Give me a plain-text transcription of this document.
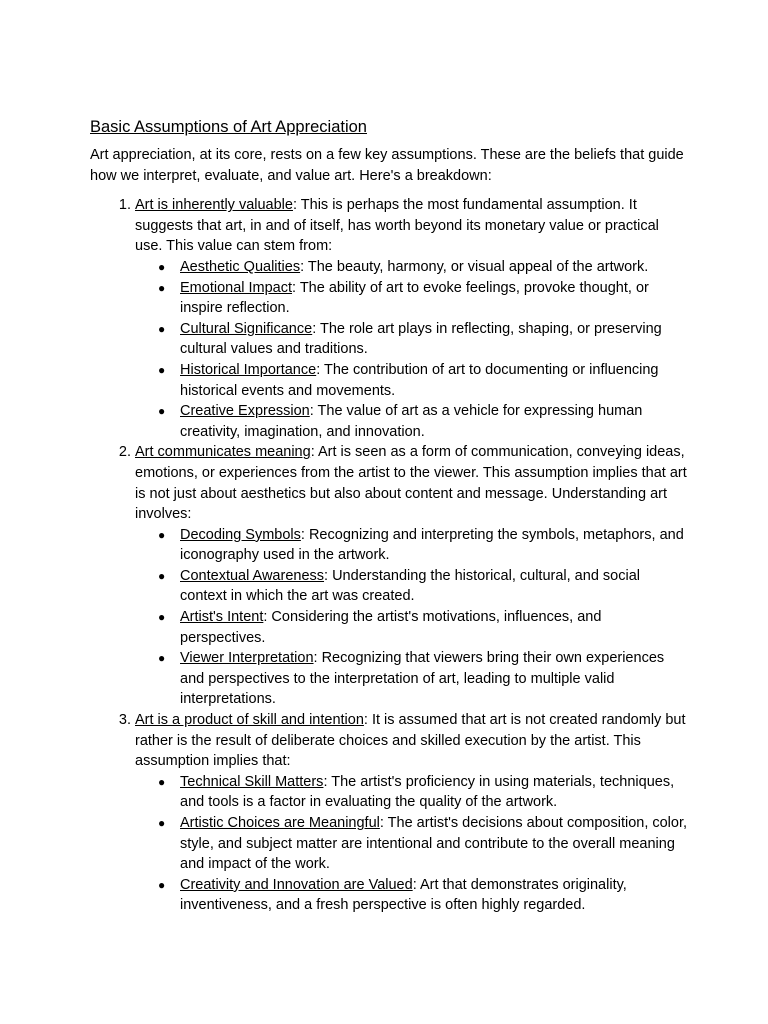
Basic Assumptions of Art Appreciation

Art appreciation, at its core, rests on a few key assumptions. These are the beliefs that guide how we interpret, evaluate, and value art. Here's a breakdown:

1. Art is inherently valuable: This is perhaps the most fundamental assumption. It suggests that art, in and of itself, has worth beyond its monetary value or practical use. This value can stem from:
● Aesthetic Qualities: The beauty, harmony, or visual appeal of the artwork.
● Emotional Impact: The ability of art to evoke feelings, provoke thought, or inspire reflection.
● Cultural Significance: The role art plays in reflecting, shaping, or preserving cultural values and traditions.
● Historical Importance: The contribution of art to documenting or influencing historical events and movements.
● Creative Expression: The value of art as a vehicle for expressing human creativity, imagination, and innovation.
2. Art communicates meaning: Art is seen as a form of communication, conveying ideas, emotions, or experiences from the artist to the viewer. This assumption implies that art is not just about aesthetics but also about content and message. Understanding art involves:
● Decoding Symbols: Recognizing and interpreting the symbols, metaphors, and iconography used in the artwork.
● Contextual Awareness: Understanding the historical, cultural, and social context in which the art was created.
● Artist's Intent: Considering the artist's motivations, influences, and perspectives.
● Viewer Interpretation: Recognizing that viewers bring their own experiences and perspectives to the interpretation of art, leading to multiple valid interpretations.
3. Art is a product of skill and intention: It is assumed that art is not created randomly but rather is the result of deliberate choices and skilled execution by the artist. This assumption implies that:
● Technical Skill Matters: The artist's proficiency in using materials, techniques, and tools is a factor in evaluating the quality of the artwork.
● Artistic Choices are Meaningful: The artist's decisions about composition, color, style, and subject matter are intentional and contribute to the overall meaning and impact of the work.
● Creativity and Innovation are Valued: Art that demonstrates originality, inventiveness, and a fresh perspective is often highly regarded.
